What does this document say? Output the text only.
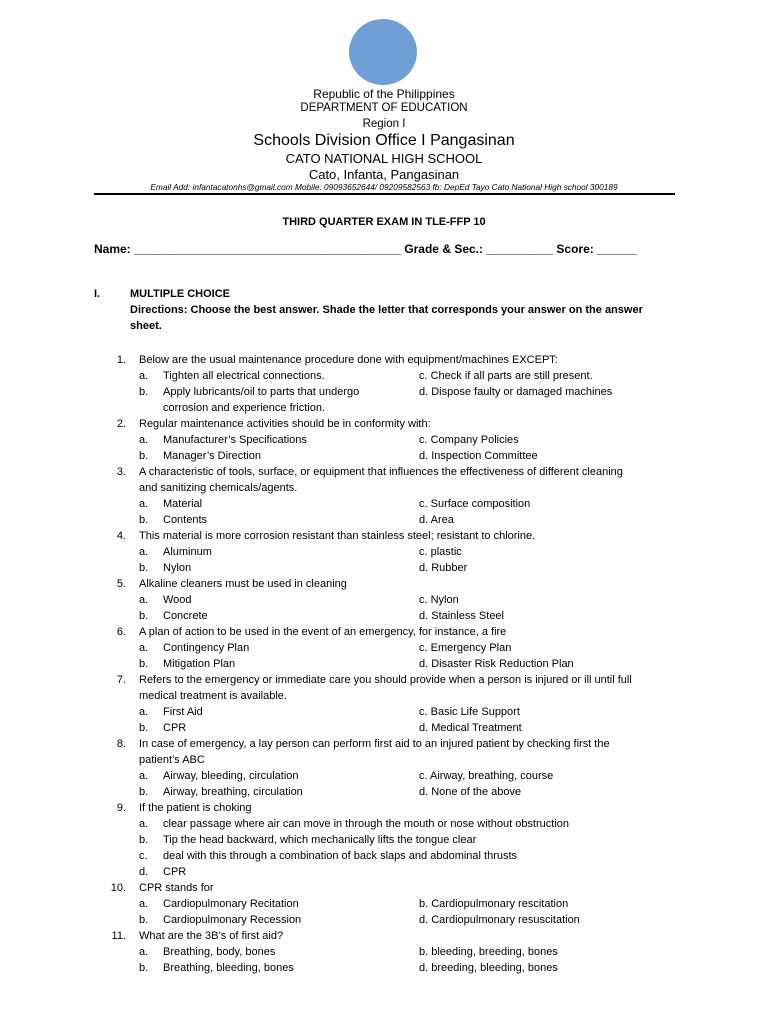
Republic of the Philippines
DEPARTMENT OF EDUCATION
Region I
Schools Division Office I Pangasinan
CATO NATIONAL HIGH SCHOOL
Cato, Infanta, Pangasinan
Email Add: infantacatonhs@gmail.com Mobile: 09093652644/ 09209582563 fb: DepEd Tayo Cato National High school 300189
THIRD QUARTER EXAM IN TLE-FFP 10
Name: ________________________________________ Grade & Sec.: __________ Score: ______
I.	MULTIPLE CHOICE
Directions: Choose the best answer. Shade the letter that corresponds your answer on the answer sheet.
1. Below are the usual maintenance procedure done with equipment/machines EXCEPT:
a. Tighten all electrical connections.	c. Check if all parts are still present.
b. Apply lubricants/oil to parts that undergo	d. Dispose faulty or damaged machines
corrosion and experience friction.
2. Regular maintenance activities should be in conformity with:
a. Manufacturer’s Specifications	c. Company Policies
b. Manager’s Direction	d. Inspection Committee
3. A characteristic of tools, surface, or equipment that influences the effectiveness of different cleaning
and sanitizing chemicals/agents.
a. Material	c. Surface composition
b. Contents	d. Area
4. This material is more corrosion resistant than stainless steel; resistant to chlorine.
a. Aluminum	c. plastic
b. Nylon	d. Rubber
5. Alkaline cleaners must be used in cleaning
a. Wood	c. Nylon
b. Concrete	d. Stainless Steel
6. A plan of action to be used in the event of an emergency, for instance, a fire
a. Contingency Plan	c. Emergency Plan
b. Mitigation Plan	d. Disaster Risk Reduction Plan
7. Refers to the emergency or immediate care you should provide when a person is injured or ill until full
medical treatment is available.
a. First Aid	c. Basic Life Support
b. CPR	d. Medical Treatment
8. In case of emergency, a lay person can perform first aid to an injured patient by checking first the
patient’s ABC
a. Airway, bleeding, circulation	c. Airway, breathing, course
b. Airway, breathing, circulation	d. None of the above
9. If the patient is choking
a. clear passage where air can move in through the mouth or nose without obstruction
b. Tip the head backward, which mechanically lifts the tongue clear
c. deal with this through a combination of back slaps and abdominal thrusts
d. CPR
10. CPR stands for
a. Cardiopulmonary Recitation	b. Cardiopulmonary rescitation
b. Cardiopulmonary Recession	d. Cardiopulmonary resuscitation
11. What are the 3B’s of first aid?
a. Breathing, body, bones	b. bleeding, breeding, bones
b. Breathing, bleeding, bones	d. breeding, bleeding, bones
